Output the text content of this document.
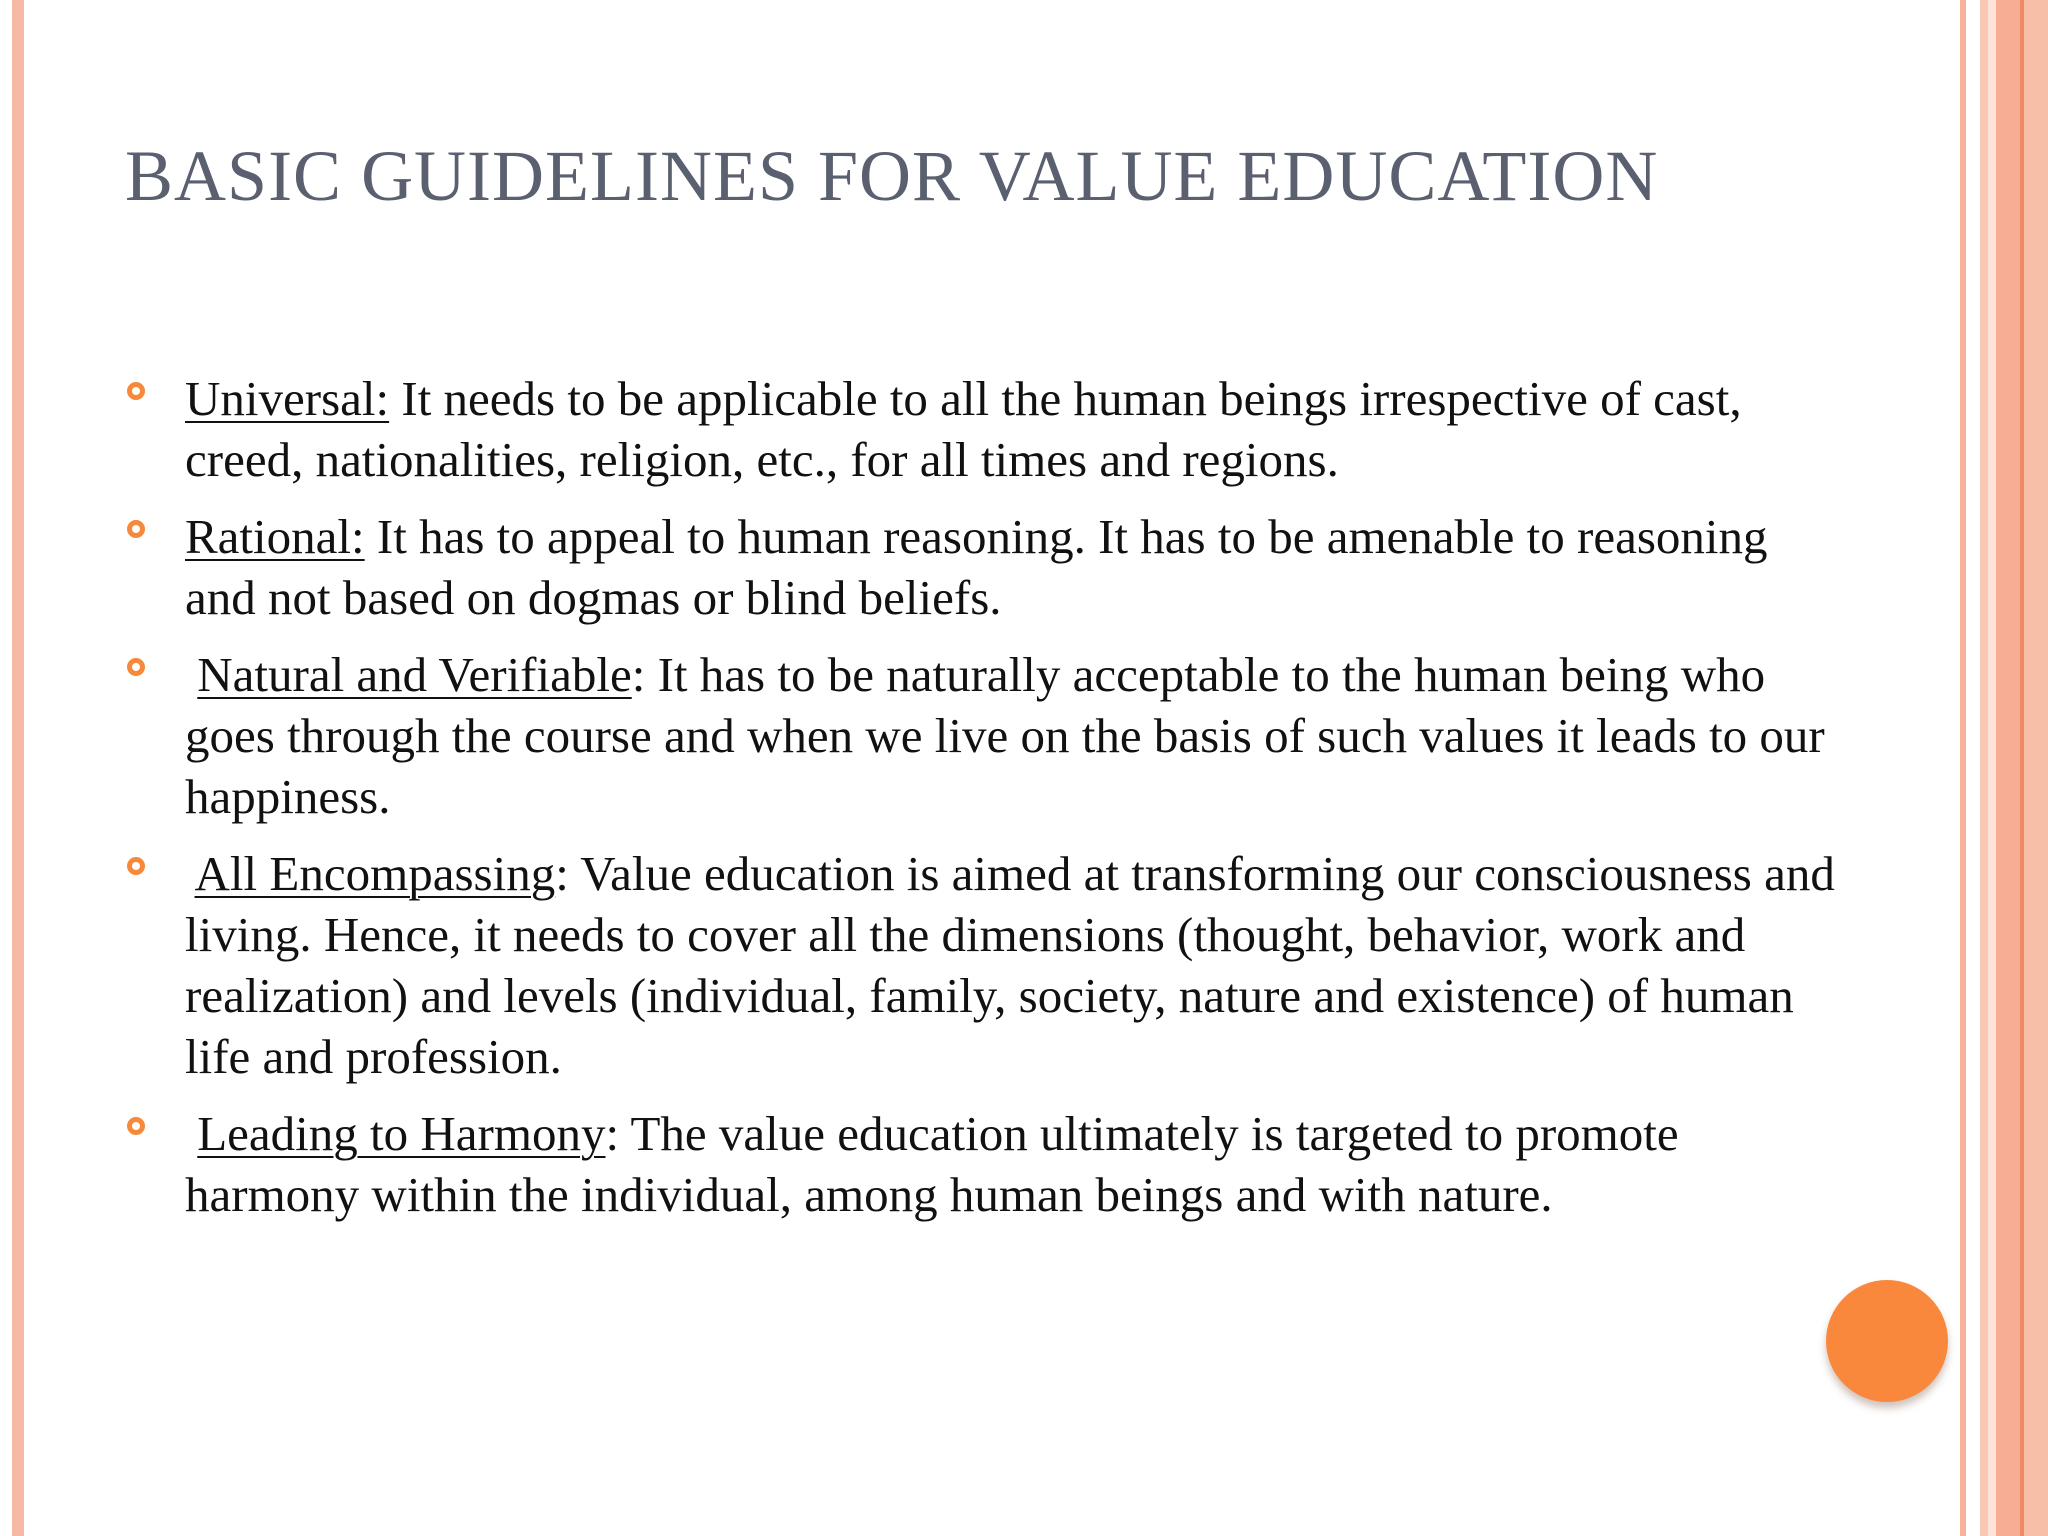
BASIC GUIDELINES FOR VALUE EDUCATION
Universal: It needs to be applicable to all the human beings irrespective of cast, creed, nationalities, religion, etc., for all times and regions.
Rational: It has to appeal to human reasoning. It has to be amenable to reasoning and not based on dogmas or blind beliefs.
Natural and Verifiable: It has to be naturally acceptable to the human being who goes through the course and when we live on the basis of such values it leads to our happiness.
All Encompassing: Value education is aimed at transforming our consciousness and living. Hence, it needs to cover all the dimensions (thought, behavior, work and realization) and levels (individual, family, society, nature and existence) of human life and profession.
Leading to Harmony: The value education ultimately is targeted to promote harmony within the individual, among human beings and with nature.
